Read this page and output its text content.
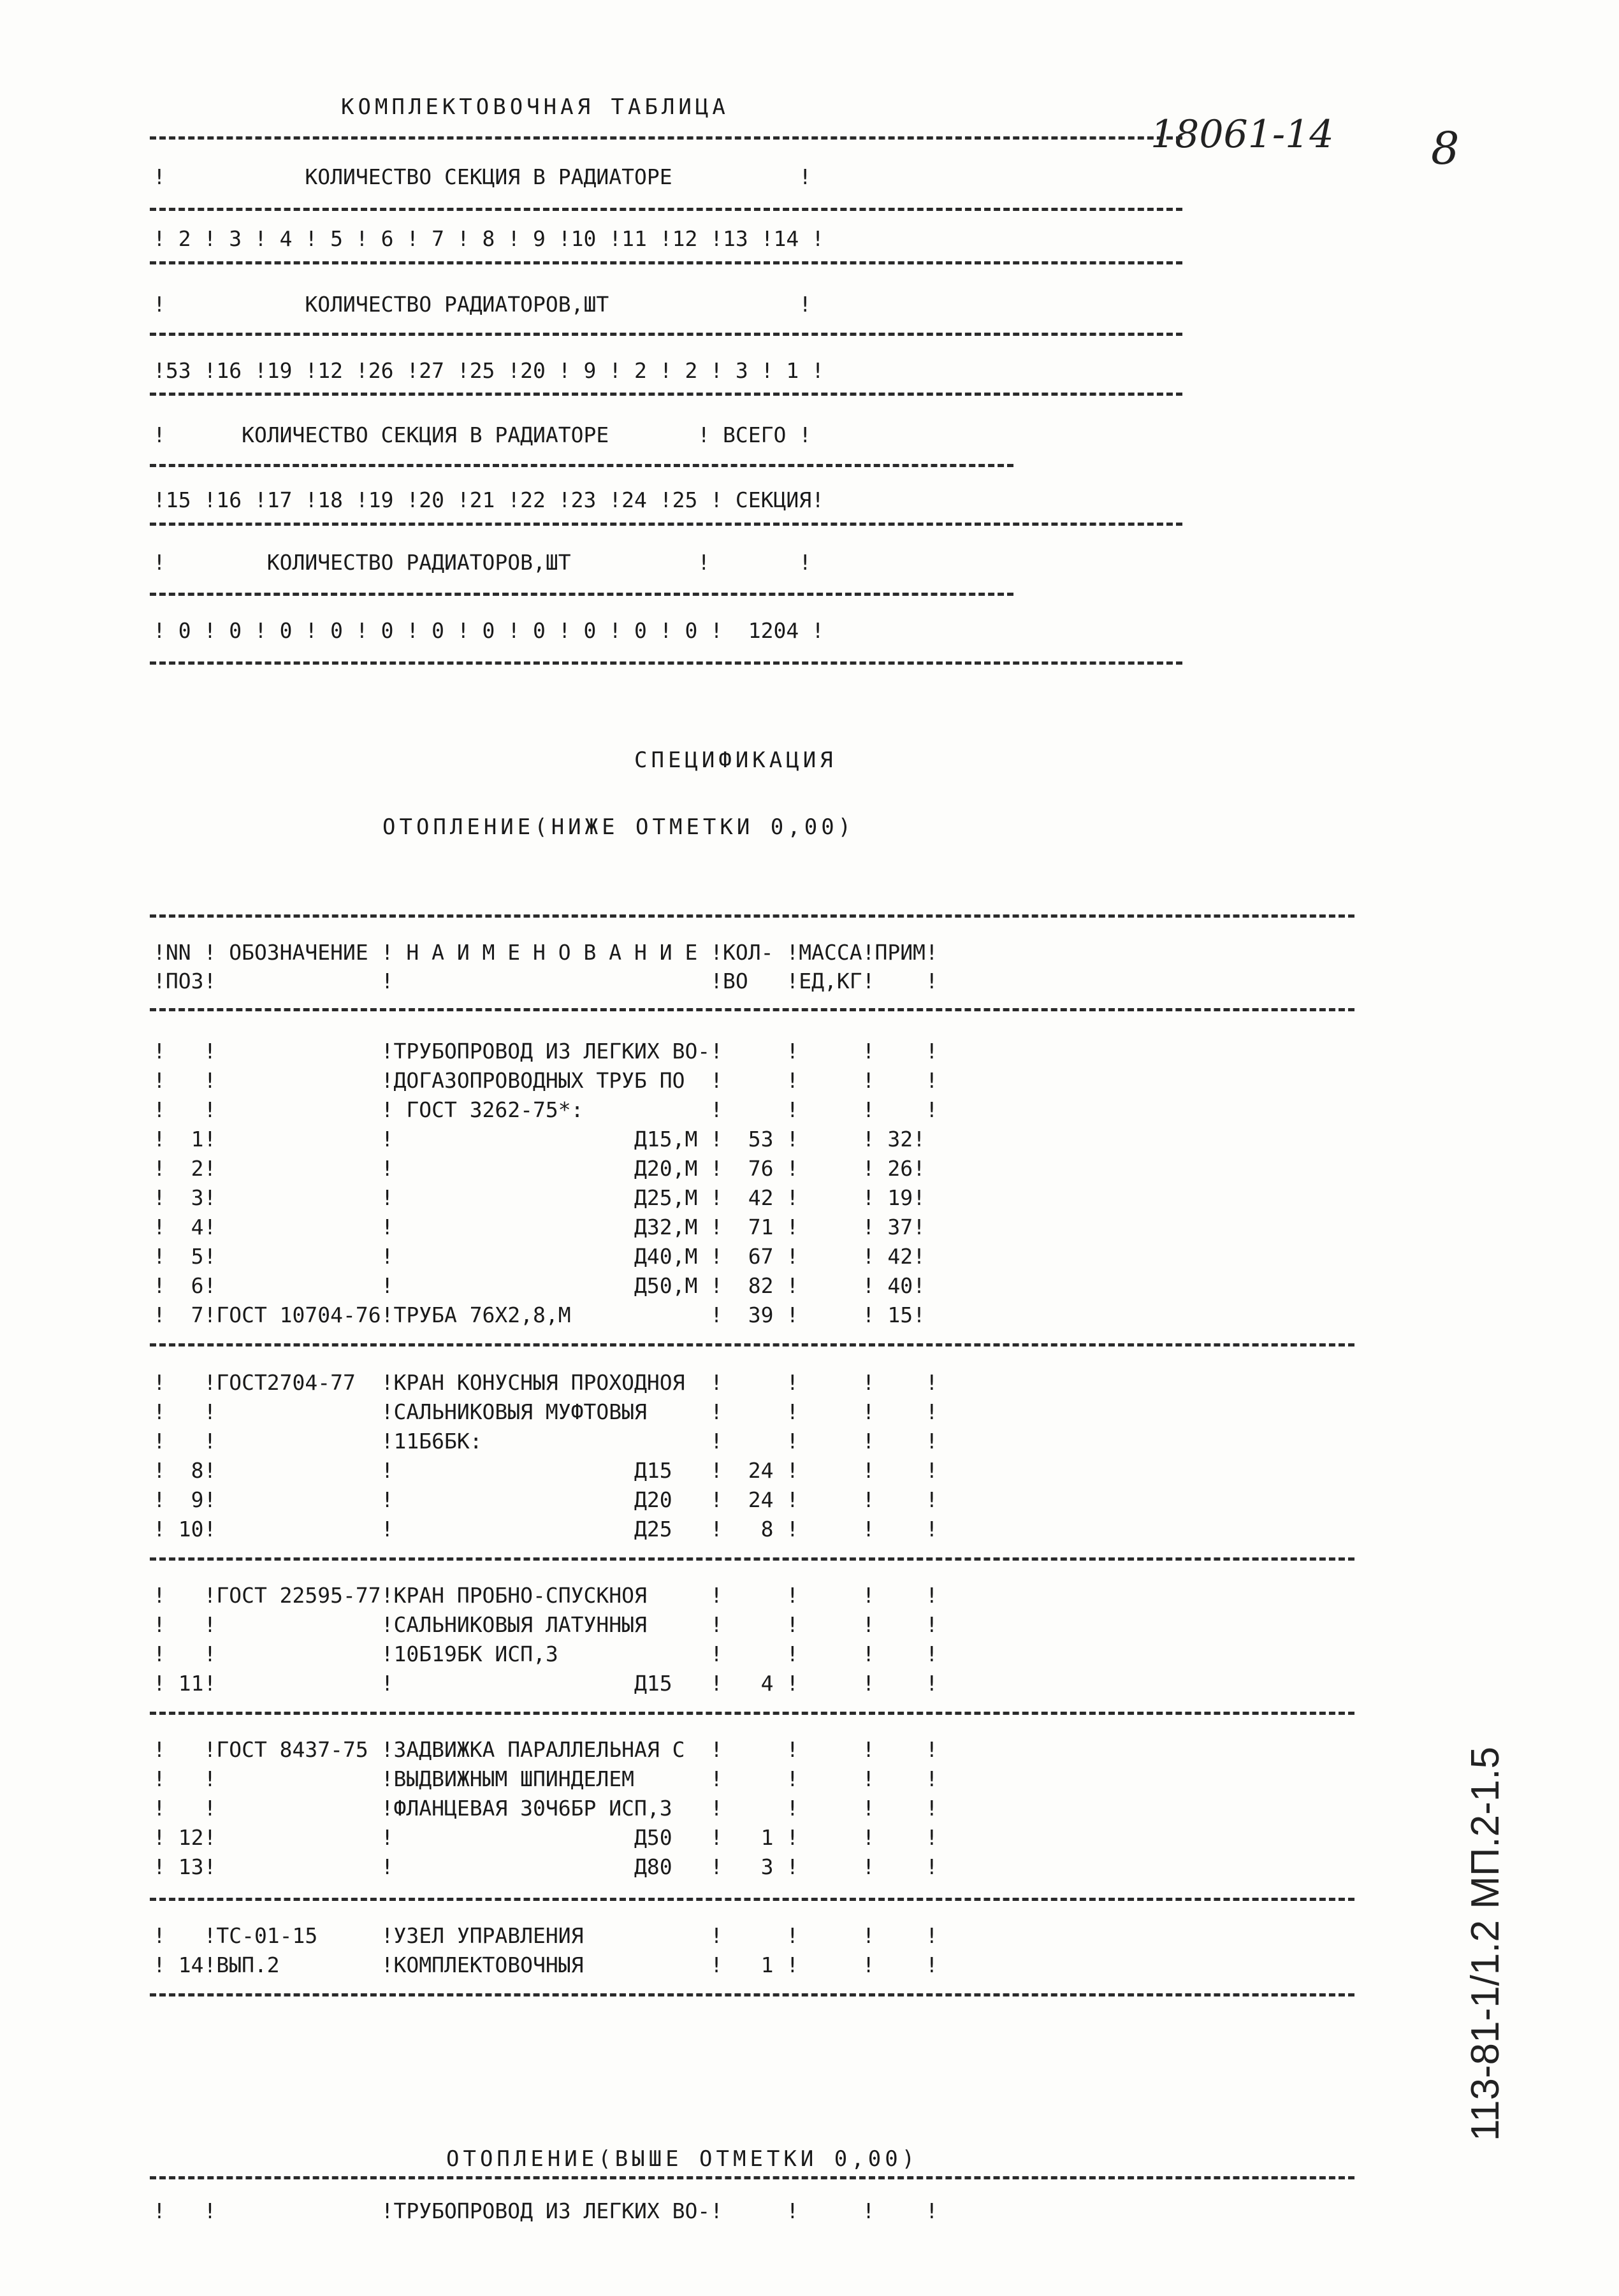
КОМПЛЕКТОВОЧНАЯ ТАБЛИЦА
18061-14 8
113-81-1/1.2 МП.2-1.5
!           КОЛИЧЕСТВО СЕКЦИЯ В РАДИАТОРЕ          !
! 2 ! 3 ! 4 ! 5 ! 6 ! 7 ! 8 ! 9 !10 !11 !12 !13 !14 !
!           КОЛИЧЕСТВО РАДИАТОРОВ,ШТ               !
!53 !16 !19 !12 !26 !27 !25 !20 ! 9 ! 2 ! 2 ! 3 ! 1 !
!      КОЛИЧЕСТВО СЕКЦИЯ В РАДИАТОРЕ       ! ВСЕГО !
!15 !16 !17 !18 !19 !20 !21 !22 !23 !24 !25 ! СЕКЦИЯ!
!        КОЛИЧЕСТВО РАДИАТОРОВ,ШТ          !       !
! 0 ! 0 ! 0 ! 0 ! 0 ! 0 ! 0 ! 0 ! 0 ! 0 ! 0 !  1204 !
СПЕЦИФИКАЦИЯ
ОТОПЛЕНИЕ(НИЖЕ ОТМЕТКИ 0,00)
!NN ! ОБОЗНАЧЕНИЕ ! Н А И М Е Н О В А Н И Е !КОЛ- !МАССА!ПРИМ!
!ПОЗ!             !                         !ВО   !ЕД,КГ!    !
!   !             !ТРУБОПРОВОД ИЗ ЛЕГКИХ ВО-!     !     !    !
!   !             !ДОГАЗОПРОВОДНЫХ ТРУБ ПО  !     !     !    !
!   !             ! ГОСТ 3262-75*:          !     !     !    !
!  1!             !                   Д15,М !  53 !     ! 32!
!  2!             !                   Д20,М !  76 !     ! 26!
!  3!             !                   Д25,М !  42 !     ! 19!
!  4!             !                   Д32,М !  71 !     ! 37!
!  5!             !                   Д40,М !  67 !     ! 42!
!  6!             !                   Д50,М !  82 !     ! 40!
!  7!ГОСТ 10704-76!ТРУБА 76Х2,8,М           !  39 !     ! 15!
!   !ГОСТ2704-77  !КРАН КОНУСНЫЯ ПРОХОДНОЯ  !     !     !    !
!   !             !САЛЬНИКОВЫЯ МУФТОВЫЯ     !     !     !    !
!   !             !11Б6БК:                  !     !     !    !
!  8!             !                   Д15   !  24 !     !    !
!  9!             !                   Д20   !  24 !     !    !
! 10!             !                   Д25   !   8 !     !    !
!   !ГОСТ 22595-77!КРАН ПРОБНО-СПУСКНОЯ     !     !     !    !
!   !             !САЛЬНИКОВЫЯ ЛАТУННЫЯ     !     !     !    !
!   !             !10Б19БК ИСП,3            !     !     !    !
! 11!             !                   Д15   !   4 !     !    !
!   !ГОСТ 8437-75 !ЗАДВИЖКА ПАРАЛЛЕЛЬНАЯ С  !     !     !    !
!   !             !ВЫДВИЖНЫМ ШПИНДЕЛЕМ      !     !     !    !
!   !             !ФЛАНЦЕВАЯ 30Ч6БР ИСП,3   !     !     !    !
! 12!             !                   Д50   !   1 !     !    !
! 13!             !                   Д80   !   3 !     !    !
!   !ТС-01-15     !УЗЕЛ УПРАВЛЕНИЯ          !     !     !    !
! 14!ВЫП.2        !КОМПЛЕКТОВОЧНЫЯ          !   1 !     !    !
ОТОПЛЕНИЕ(ВЫШЕ ОТМЕТКИ 0,00)
!   !             !ТРУБОПРОВОД ИЗ ЛЕГКИХ ВО-!     !     !    !
